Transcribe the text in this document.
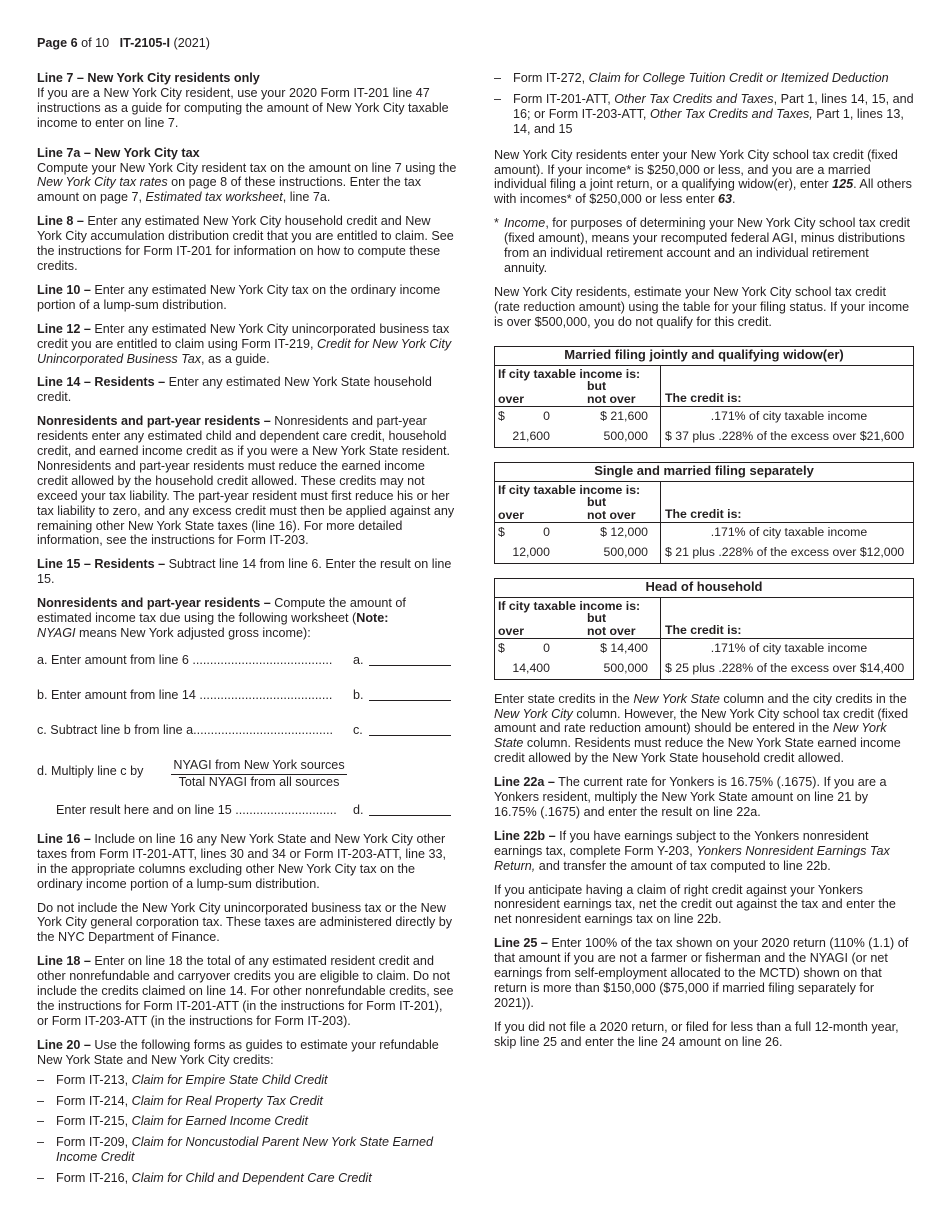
Page 6 of 10 IT-2105-I (2021)
Line 7 – New York City residents only
If you are a New York City resident, use your 2020 Form IT-201 line 47 instructions as a guide for computing the amount of New York City taxable income to enter on line 7.
Line 7a – New York City tax
Compute your New York City resident tax on the amount on line 7 using the New York City tax rates on page 8 of these instructions. Enter the tax amount on page 7, Estimated tax worksheet, line 7a.
Line 8 – Enter any estimated New York City household credit and New York City accumulation distribution credit that you are entitled to claim. See the instructions for Form IT-201 for information on how to compute these credits.
Line 10 – Enter any estimated New York City tax on the ordinary income portion of a lump-sum distribution.
Line 12 – Enter any estimated New York City unincorporated business tax credit you are entitled to claim using Form IT-219, Credit for New York City Unincorporated Business Tax, as a guide.
Line 14 – Residents – Enter any estimated New York State household credit.
Nonresidents and part-year residents – Nonresidents and part-year residents enter any estimated child and dependent care credit, household credit, and earned income credit as if you were a New York State resident. Nonresidents and part-year residents must reduce the earned income credit allowed by the household credit allowed. These credits may not exceed your tax liability. The part-year resident must first reduce his or her tax liability to zero, and any excess credit must then be applied against any remaining other New York State taxes (line 16). For more detailed information, see the instructions for Form IT-203.
Line 15 – Residents – Subtract line 14 from line 6. Enter the result on line 15.
Nonresidents and part-year residents – Compute the amount of estimated income tax due using the following worksheet (Note: NYAGI means New York adjusted gross income):
a. Enter amount from line 6 ........................................ a.
b. Enter amount from line 14 ...................................... b.
c. Subtract line b from line a........................................ c.
d. Multiply line c by	NYAGI from New York sources
Total NYAGI from all sources
Enter result here and on line 15 ............................. d.
Line 16 – Include on line 16 any New York State and New York City other taxes from Form IT-201-ATT, lines 30 and 34 or Form IT-203-ATT, line 33, in the appropriate columns excluding other New York City tax on the ordinary income portion of a lump-sum distribution.
Do not include the New York City unincorporated business tax or the New York City general corporation tax. These taxes are administered directly by the NYC Department of Finance.
Line 18 – Enter on line 18 the total of any estimated resident credit and other nonrefundable and carryover credits you are eligible to claim. Do not include the credits claimed on line 14. For other nonrefundable credits, see the instructions for Form IT-201-ATT (in the instructions for Form IT-201), or Form IT-203-ATT (in the instructions for Form IT-203).
Line 20 – Use the following forms as guides to estimate your refundable New York State and New York City credits:
– Form IT-213, Claim for Empire State Child Credit
– Form IT-214, Claim for Real Property Tax Credit
– Form IT-215, Claim for Earned Income Credit
– Form IT-209, Claim for Noncustodial Parent New York State Earned Income Credit
– Form IT-216, Claim for Child and Dependent Care Credit
– Form IT-272, Claim for College Tuition Credit or Itemized Deduction
– Form IT-201-ATT, Other Tax Credits and Taxes, Part 1, lines 14, 15, and 16; or Form IT-203-ATT, Other Tax Credits and Taxes, Part 1, lines 13, 14, and 15
New York City residents enter your New York City school tax credit (fixed amount). If your income* is $250,000 or less, and you are a married individual filing a joint return, or a qualifying widow(er), enter 125. All others with incomes* of $250,000 or less enter 63.
* Income, for purposes of determining your New York City school tax credit (fixed amount), means your recomputed federal AGI, minus distributions from an individual retirement account and an individual retirement annuity.
New York City residents, estimate your New York City school tax credit (rate reduction amount) using the table for your filing status. If your income is over $500,000, you do not qualify for this credit.
Married filing jointly and qualifying widow(er)		

If city taxable income is:
but
over not over		The credit is:

$ 0	$ 21,600	.171% of city taxable income

21,600	500,000	$ 37 plus .228% of the excess over $21,600
Single and married filing separately		

If city taxable income is:
but
over not over		The credit is:

$ 0	$ 12,000	.171% of city taxable income

12,000	500,000	$ 21 plus .228% of the excess over $12,000
Head of household		

If city taxable income is:
but
over not over		The credit is:

$ 0	$ 14,400	.171% of city taxable income

14,400	500,000	$ 25 plus .228% of the excess over $14,400
Enter state credits in the New York State column and the city credits in the New York City column. However, the New York City school tax credit (fixed amount and rate reduction amount) should be entered in the New York State column. Residents must reduce the New York State earned income credit allowed by the New York State household credit allowed.
Line 22a – The current rate for Yonkers is 16.75% (.1675). If you are a Yonkers resident, multiply the New York State amount on line 21 by 16.75% (.1675) and enter the result on line 22a.
Line 22b – If you have earnings subject to the Yonkers nonresident earnings tax, complete Form Y-203, Yonkers Nonresident Earnings Tax Return, and transfer the amount of tax computed to line 22b.
If you anticipate having a claim of right credit against your Yonkers nonresident earnings tax, net the credit out against the tax and enter the net nonresident earnings tax on line 22b.
Line 25 – Enter 100% of the tax shown on your 2020 return (110% (1.1) of that amount if you are not a farmer or fisherman and the NYAGI (or net earnings from self-employment allocated to the MCTD) shown on that return is more than $150,000 ($75,000 if married filing separately for 2021)).
If you did not file a 2020 return, or filed for less than a full 12-month year, skip line 25 and enter the line 24 amount on line 26.
